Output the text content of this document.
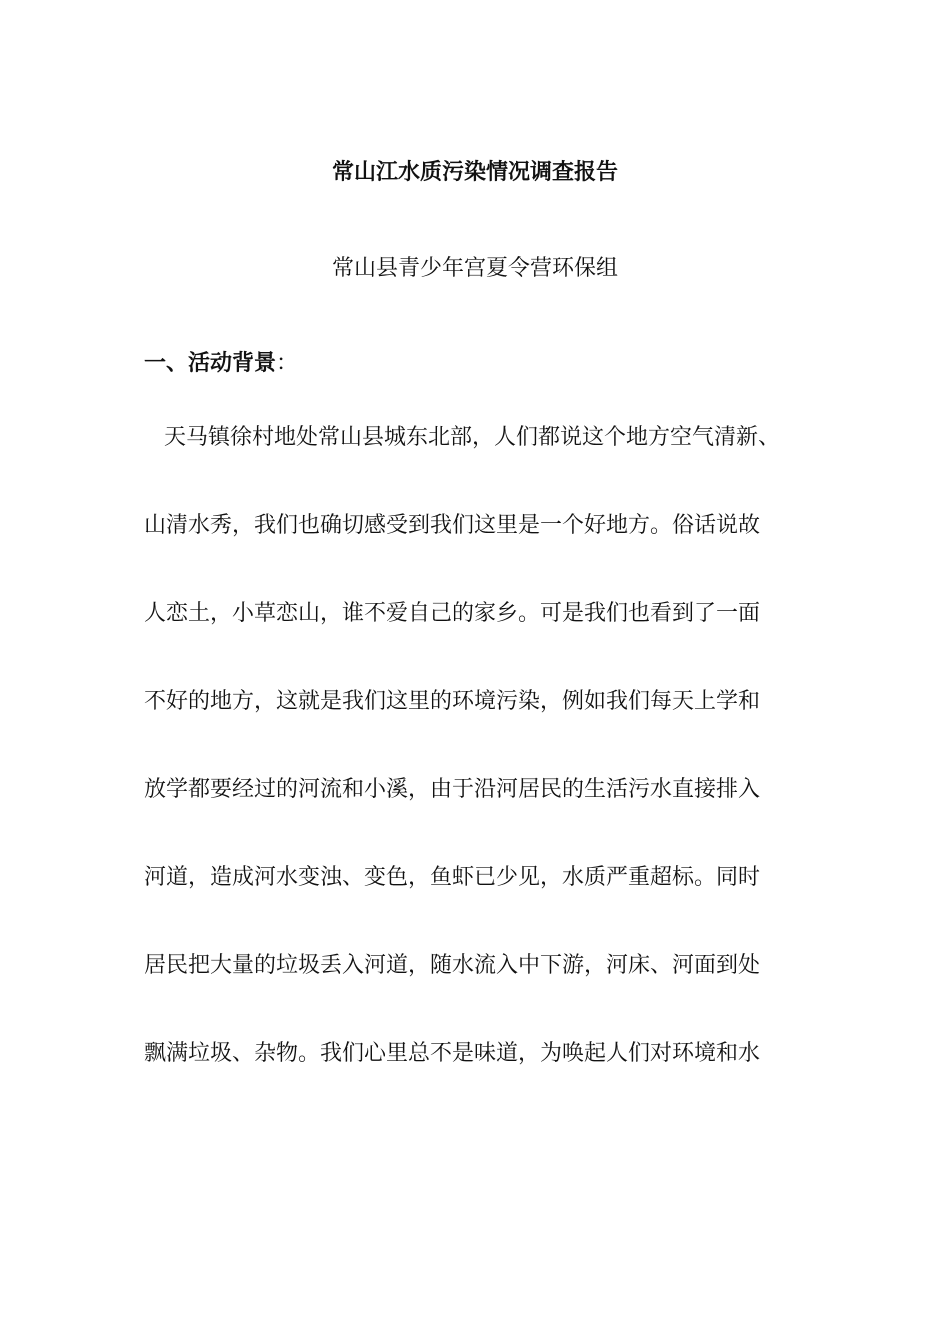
常山江水质污染情况调查报告
常山县青少年宫夏令营环保组
一、活动背景：
天马镇徐村地处常山县城东北部，人们都说这个地方空气清新、
山清水秀，我们也确切感受到我们这里是一个好地方。俗话说故
人恋土，小草恋山，谁不爱自己的家乡。可是我们也看到了一面
不好的地方，这就是我们这里的环境污染，例如我们每天上学和
放学都要经过的河流和小溪，由于沿河居民的生活污水直接排入
河道，造成河水变浊、变色，鱼虾已少见，水质严重超标。同时
居民把大量的垃圾丢入河道，随水流入中下游，河床、河面到处
飘满垃圾、杂物。我们心里总不是味道，为唤起人们对环境和水
